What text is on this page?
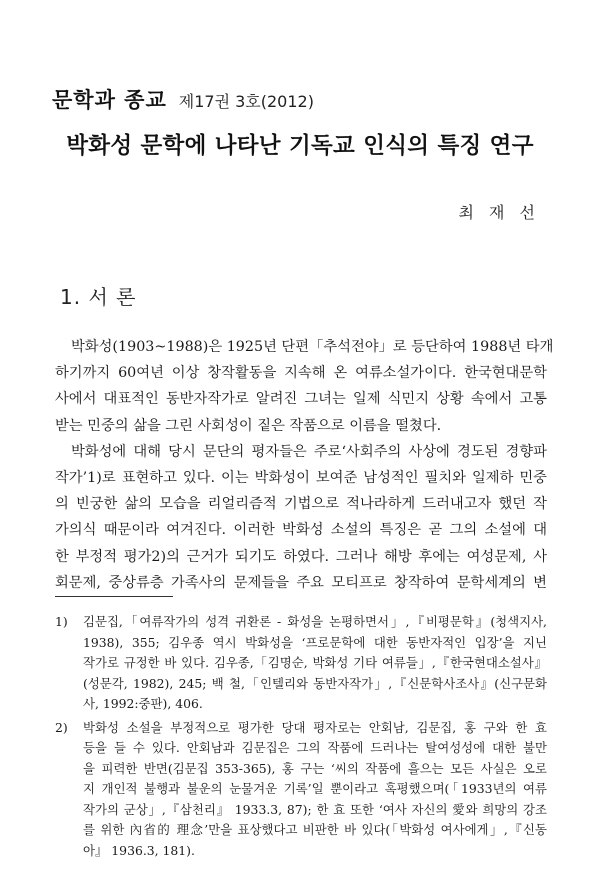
문학과 종교 제17권 3호(2012)
박화성 문학에 나타난 기독교 인식의 특징 연구
최 재 선
1. 서 론

박화성(1903~1988)은 1925년 단편「추석전야」로 등단하여 1988년 타개
하기까지 60여년 이상 창작활동을 지속해 온 여류소설가이다. 한국현대문학
사에서 대표적인 동반자작가로 알려진 그녀는 일제 식민지 상황 속에서 고통
받는 민중의 삶을 그린 사회성이 짙은 작품으로 이름을 떨쳤다.

박화성에 대해 당시 문단의 평자들은 주로‘사회주의 사상에 경도된 경향파
작가’1)로 표현하고 있다. 이는 박화성이 보여준 남성적인 필치와 일제하 민중
의 빈궁한 삶의 모습을 리얼리즘적 기법으로 적나라하게 드러내고자 했던 작
가의식 때문이라 여겨진다. 이러한 박화성 소설의 특징은 곧 그의 소설에 대
한 부정적 평가2)의 근거가 되기도 하였다. 그러나 해방 후에는 여성문제, 사
회문제, 중상류층 가족사의 문제들을 주요 모티프로 창작하여 문학세계의 변

1) 김문집,「여류작가의 성격 귀환론 - 화성을 논평하면서」,『비평문학』(청색지사,
1938), 355; 김우종 역시 박화성을 ‘프로문학에 대한 동반자적인 입장’을 지닌
작가로 규정한 바 있다. 김우종,「김명순, 박화성 기타 여류들」,『한국현대소설사』
(성문각, 1982), 245; 백 철,「인텔리와 동반자작가」,『신문학사조사』(신구문화
사, 1992:중판), 406.
2) 박화성 소설을 부정적으로 평가한 당대 평자로는 안회남, 김문집, 홍 구와 한 효
등을 들 수 있다. 안회남과 김문집은 그의 작품에 드러나는 탈여성성에 대한 불만
을 피력한 반면(김문집 353-365), 홍 구는 ‘씨의 작품에 흘으는 모든 사실은 오로
지 개인적 불행과 불운의 눈물겨운 기록’일 뿐이라고 혹평했으며(「1933년의 여류
작가의 군상」,『삼천리』 1933.3, 87); 한 효 또한 ‘여사 자신의 愛와 희망의 강조
를 위한 內省的 理念’만을 표상했다고 비판한 바 있다(「박화성 여사에게」,『신동
아』 1936.3, 181).
